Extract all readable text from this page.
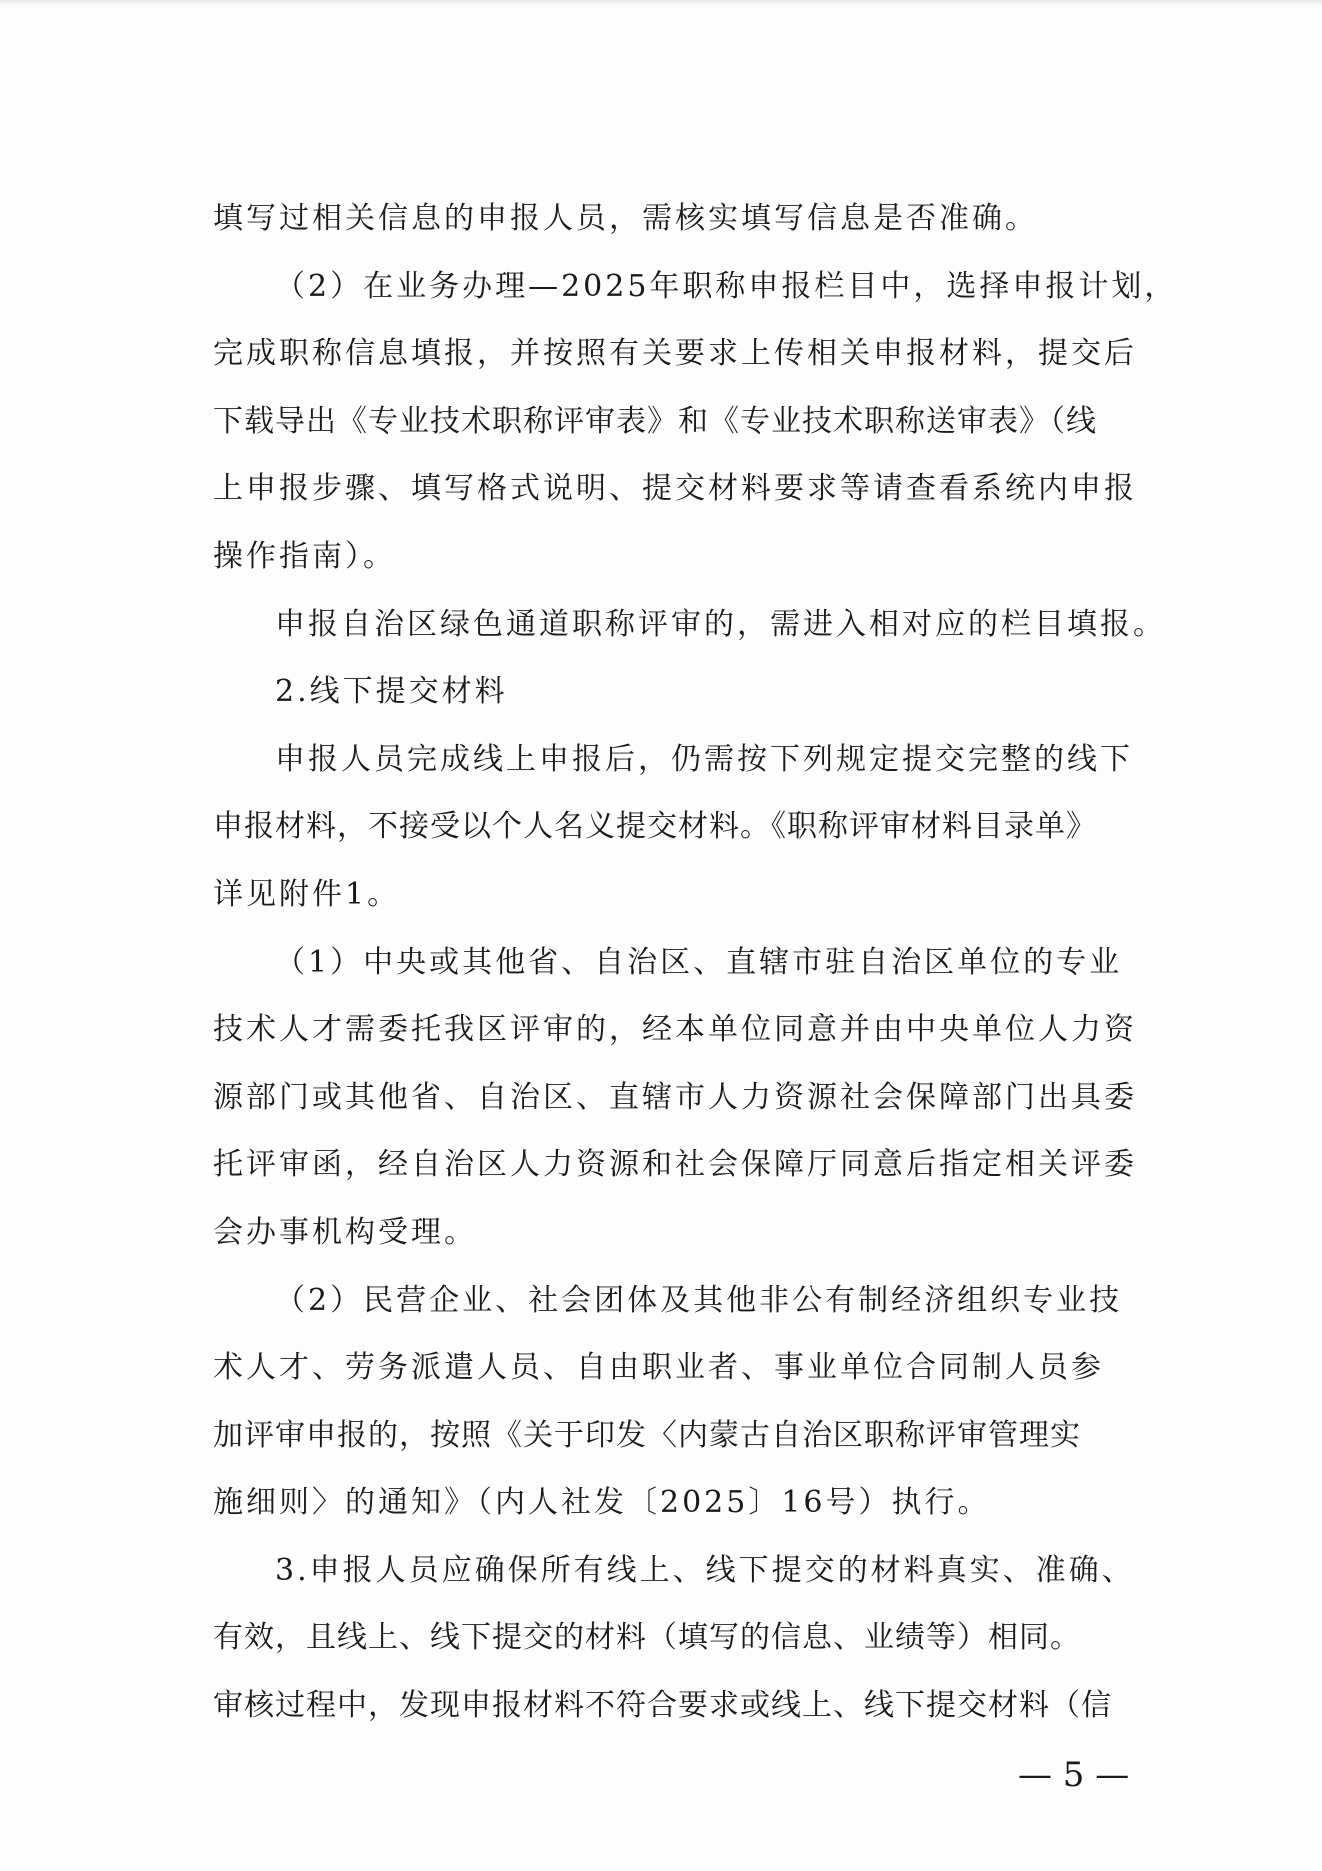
填写过相关信息的申报人员，需核实填写信息是否准确。
（2）在业务办理—2025年职称申报栏目中，选择申报计划，
完成职称信息填报，并按照有关要求上传相关申报材料，提交后
下载导出《专业技术职称评审表》和《专业技术职称送审表》（线
上申报步骤、填写格式说明、提交材料要求等请查看系统内申报
操作指南）。
申报自治区绿色通道职称评审的，需进入相对应的栏目填报。
2.线下提交材料
申报人员完成线上申报后，仍需按下列规定提交完整的线下
申报材料，不接受以个人名义提交材料。《职称评审材料目录单》
详见附件1。
（1）中央或其他省、自治区、直辖市驻自治区单位的专业
技术人才需委托我区评审的，经本单位同意并由中央单位人力资
源部门或其他省、自治区、直辖市人力资源社会保障部门出具委
托评审函，经自治区人力资源和社会保障厅同意后指定相关评委
会办事机构受理。
（2）民营企业、社会团体及其他非公有制经济组织专业技
术人才、劳务派遣人员、自由职业者、事业单位合同制人员参
加评审申报的，按照《关于印发〈内蒙古自治区职称评审管理实
施细则〉的通知》（内人社发〔2025〕16号）执行。
3.申报人员应确保所有线上、线下提交的材料真实、准确、
有效，且线上、线下提交的材料（填写的信息、业绩等）相同。
审核过程中，发现申报材料不符合要求或线上、线下提交材料（信
— 5 —
